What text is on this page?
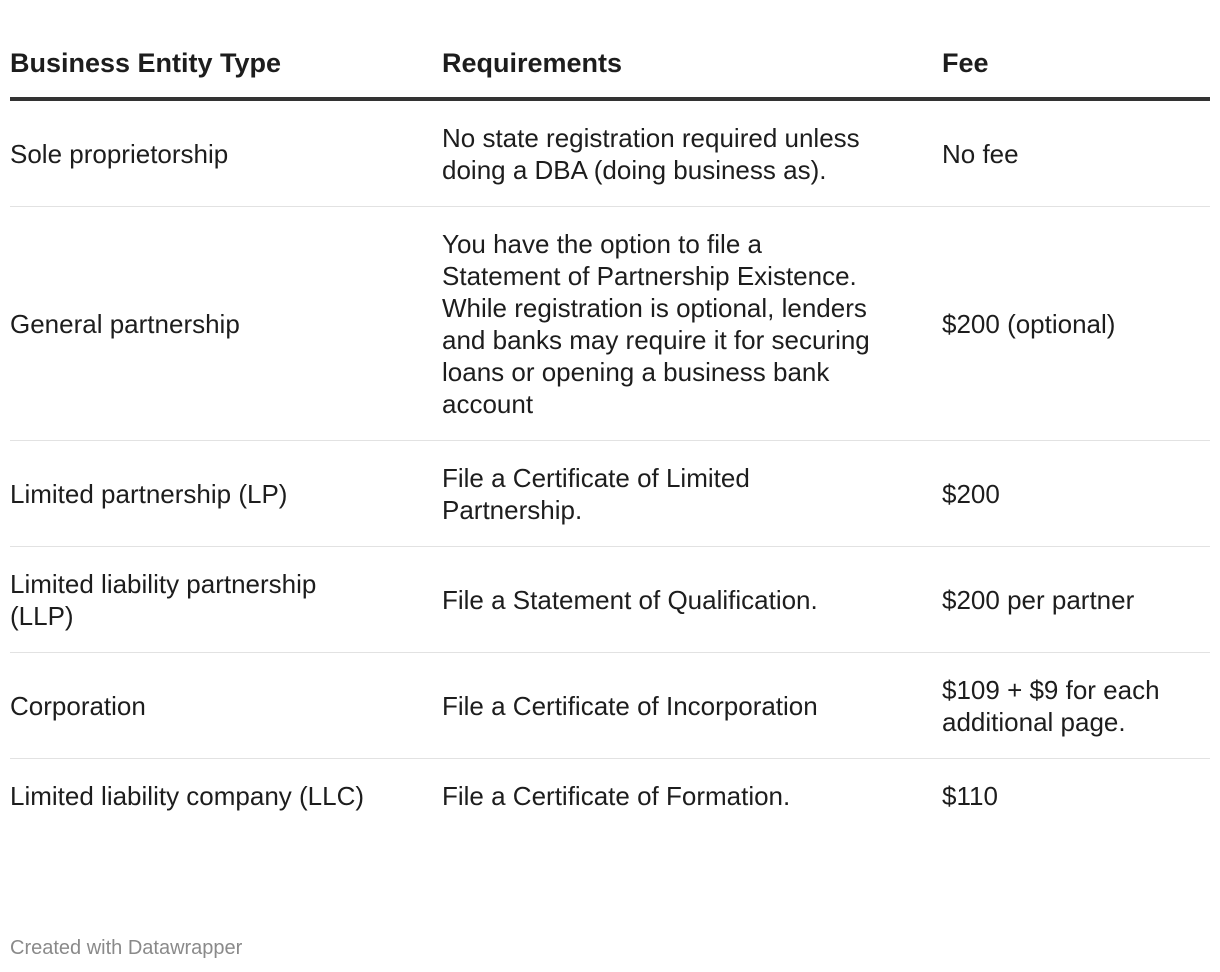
Business Entity Type	Requirements	Fee
Sole proprietorship	No state registration required unless doing a DBA (doing business as).	No fee
General partnership	You have the option to file a Statement of Partnership Existence. While registration is optional, lenders and banks may require it for securing loans or opening a business bank account	$200 (optional)
Limited partnership (LP)	File a Certificate of Limited Partnership.	$200
Limited liability partnership (LLP)	File a Statement of Qualification.	$200 per partner
Corporation	File a Certificate of Incorporation	$109 + $9 for each additional page.
Limited liability company (LLC)	File a Certificate of Formation.	$110
Created with Datawrapper
